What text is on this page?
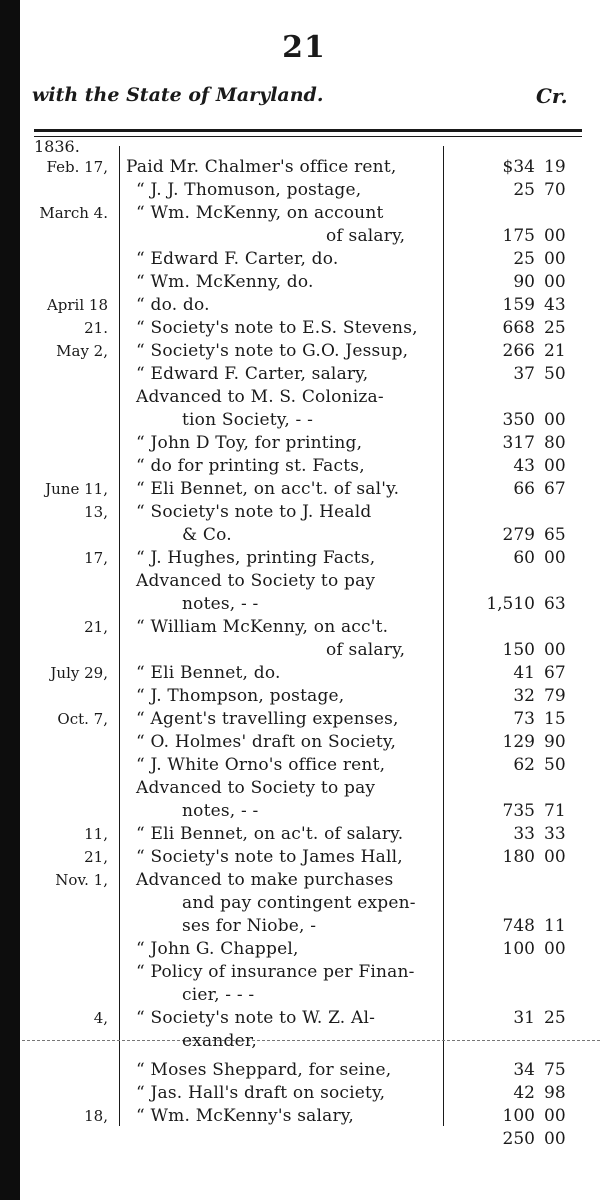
21
with the State of Maryland.	Cr.
1836.
Feb. 17, Paid Mr. Chalmer's office rent,	$34 19
“ J. J. Thomuson, postage,	25 70
March 4. “ Wm. McKenny, on account
of salary,	175 00
“ Edward F. Carter, do.	25 00
“ Wm. McKenny, do.	90 00
April 18 “ do. do.	159 43
21. “ Society's note to E.S. Stevens,	668 25
May 2, “ Society's note to G.O. Jessup,	266 21
“ Edward F. Carter, salary,	37 50
Advanced to M. S. Coloniza-
tion Society, - -	350 00
“ John D Toy, for printing,	317 80
“ do for printing st. Facts,	43 00
June 11, “ Eli Bennet, on acc't. of sal'y.	66 67
13, “ Society's note to J. Heald
& Co.	279 65
17, “ J. Hughes, printing Facts,	60 00
Advanced to Society to pay
notes, - -	1,510 63
21, “ William McKenny, on acc't.
of salary,	150 00
July 29, “ Eli Bennet, do.	41 67
“ J. Thompson, postage,	32 79
Oct. 7, “ Agent's travelling expenses,	73 15
“ O. Holmes' draft on Society,	129 90
“ J. White Orno's office rent,	62 50
Advanced to Society to pay
notes, - -	735 71
11, “ Eli Bennet, on ac't. of salary.	33 33
21, “ Society's note to James Hall,	180 00
Nov. 1, Advanced to make purchases
and pay contingent expen-
ses for Niobe, -	748 11
“ John G. Chappel,	100 00
“ Policy of insurance per Finan-
cier, - - -
4, “ Society's note to W. Z. Al-	31 25
exander,
“ Moses Sheppard, for seine,	34 75
“ Jas. Hall's draft on society,	42 98
18, “ Wm. McKenny's salary,	100 00
250 00
